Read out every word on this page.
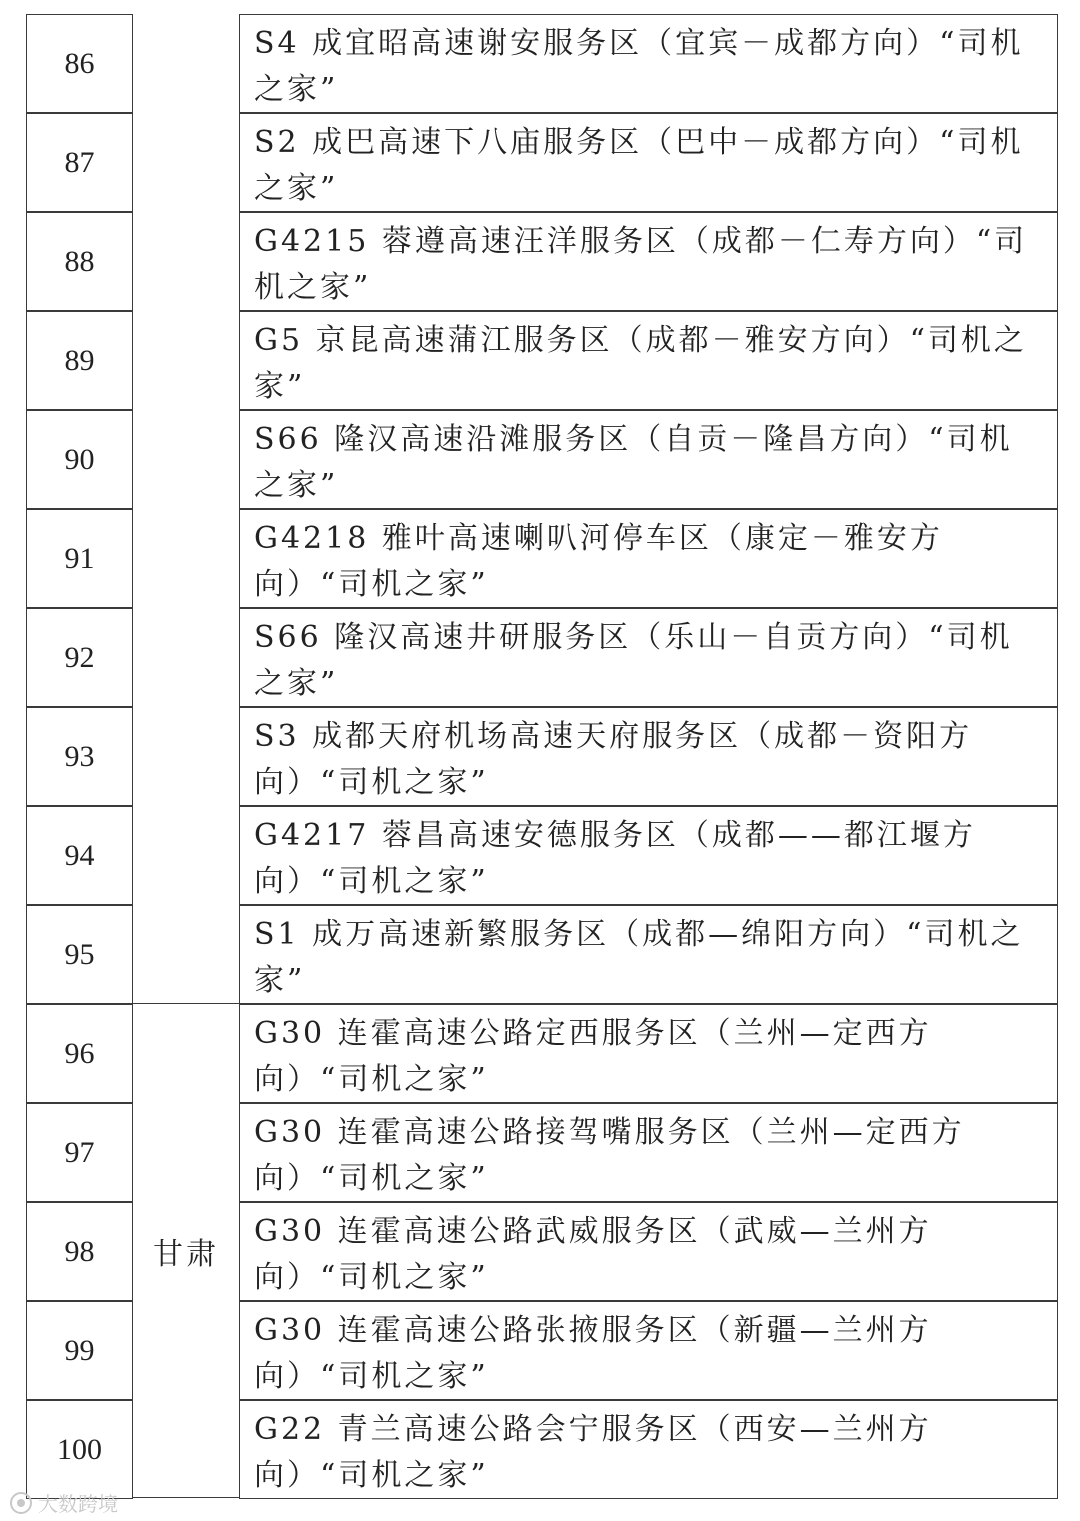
86
S4 成宜昭高速谢安服务区（宜宾－成都方向）“司机之家”
87
S2 成巴高速下八庙服务区（巴中－成都方向）“司机之家”
88
G4215 蓉遵高速汪洋服务区（成都－仁寿方向）“司机之家”
89
G5 京昆高速蒲江服务区（成都－雅安方向）“司机之家”
90
S66 隆汉高速沿滩服务区（自贡－隆昌方向）“司机之家”
91
G4218 雅叶高速喇叭河停车区（康定－雅安方向）“司机之家”
92
S66 隆汉高速井研服务区（乐山－自贡方向）“司机之家”
93
S3 成都天府机场高速天府服务区（成都－资阳方向）“司机之家”
94
G4217 蓉昌高速安德服务区（成都——都江堰方向）“司机之家”
95
S1 成万高速新繁服务区（成都—绵阳方向）“司机之家”
96
G30 连霍高速公路定西服务区（兰州—定西方向）“司机之家”
97
G30 连霍高速公路接驾嘴服务区（兰州—定西方向）“司机之家”
98
G30 连霍高速公路武威服务区（武威—兰州方向）“司机之家”
99
G30 连霍高速公路张掖服务区（新疆—兰州方向）“司机之家”
100
G22 青兰高速公路会宁服务区（西安—兰州方向）“司机之家”
甘肃
大数跨境
